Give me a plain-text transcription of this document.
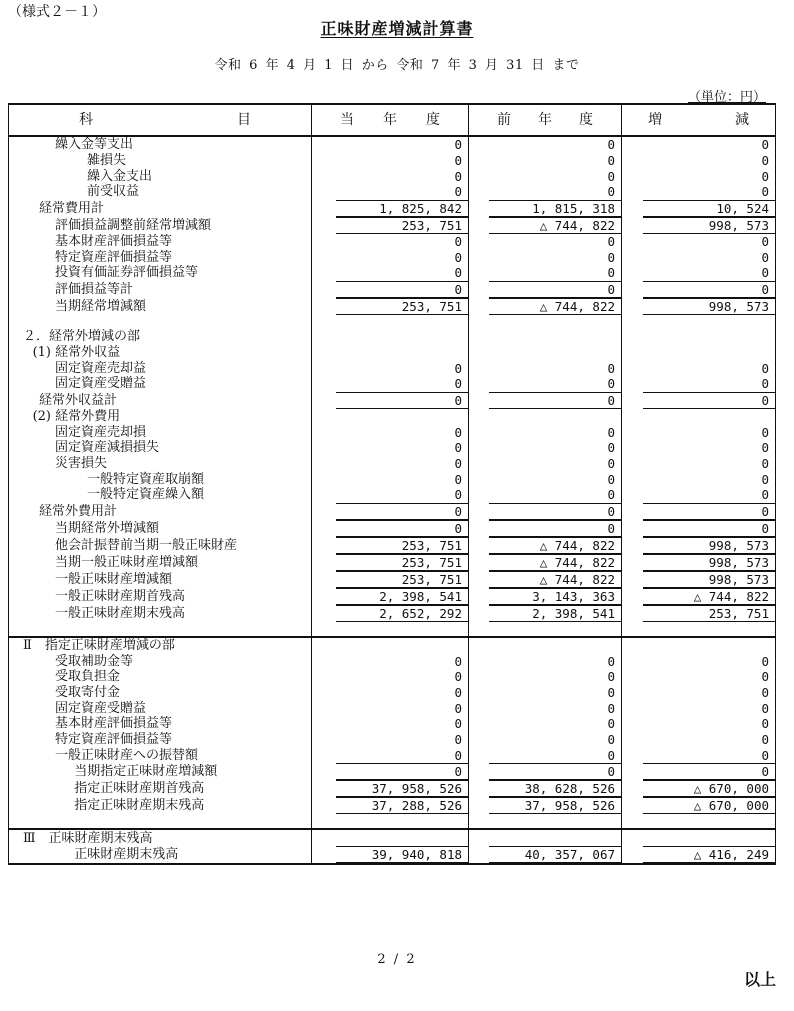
（様式２－１）
正味財産増減計算書
令和 6 年 4 月 1 日 から 令和 7 年 3 月 31 日 まで
（単位：円）
科 目	当 年 度	前 年 度	増 減

繰入金等支出	0	0	0
雑損失	0	0	0
繰入金支出	0	0	0
前受収益	0	0	0
経常費用計	1, 825, 842	1, 815, 318	10, 524
評価損益調整前経常増減額	253, 751	△ 744, 822	998, 573
基本財産評価損益等	0	0	0
特定資産評価損益等	0	0	0
投資有価証券評価損益等	0	0	0
評価損益等計	0	0	0
当期経常増減額	253, 751	△ 744, 822	998, 573

２．経常外増減の部			
(1) 経常外収益			
固定資産売却益	0	0	0
固定資産受贈益	0	0	0
経常外収益計	0	0	0
(2) 経常外費用			
固定資産売却損	0	0	0
固定資産減損損失	0	0	0
災害損失	0	0	0
一般特定資産取崩額	0	0	0
一般特定資産繰入額	0	0	0
経常外費用計	0	0	0
当期経常外増減額	0	0	0
他会計振替前当期一般正味財産	253, 751	△ 744, 822	998, 573
当期一般正味財産増減額	253, 751	△ 744, 822	998, 573
一般正味財産増減額	253, 751	△ 744, 822	998, 573
一般正味財産期首残高	2, 398, 541	3, 143, 363	△ 744, 822
一般正味財産期末残高	2, 652, 292	2, 398, 541	253, 751

Ⅱ　指定正味財産増減の部			
受取補助金等	0	0	0
受取負担金	0	0	0
受取寄付金	0	0	0
固定資産受贈益	0	0	0
基本財産評価損益等	0	0	0
特定資産評価損益等	0	0	0
一般正味財産への振替額	0	0	0
当期指定正味財産増減額	0	0	0
指定正味財産期首残高	37, 958, 526	38, 628, 526	△ 670, 000
指定正味財産期末残高	37, 288, 526	37, 958, 526	△ 670, 000

Ⅲ　正味財産期末残高			
正味財産期末残高	39, 940, 818	40, 357, 067	△ 416, 249
2 / 2
以上
